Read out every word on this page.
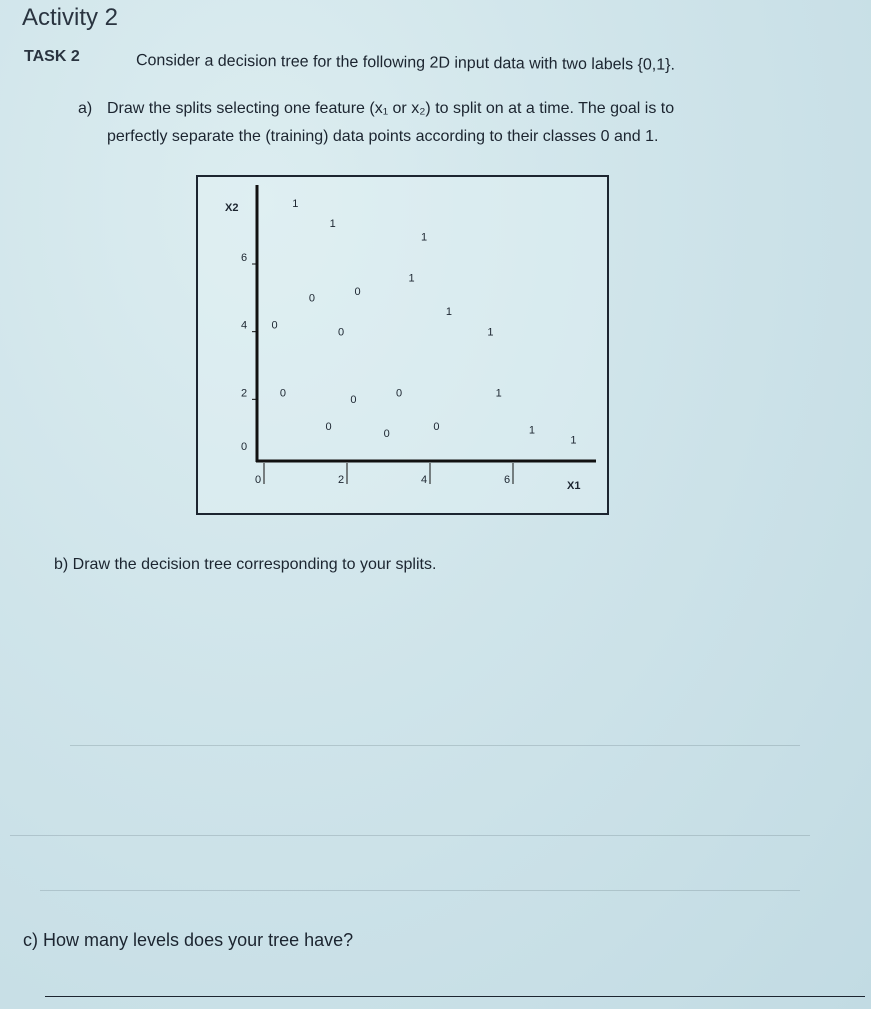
Activity 2
TASK 2	Consider a decision tree for the following 2D input data with two labels {0,1}.
a) Draw the splits selecting one feature (x₁ or x₂) to split on at a time. The goal is to
perfectly separate the (training) data points according to their classes 0 and 1.
X2
X1
0
2
4
6
0	2	4	6
1
1
1
1
0
0
1
0
0	1
0
0
0	1
0
0
0	1
1
b) Draw the decision tree corresponding to your splits.
c) How many levels does your tree have?
